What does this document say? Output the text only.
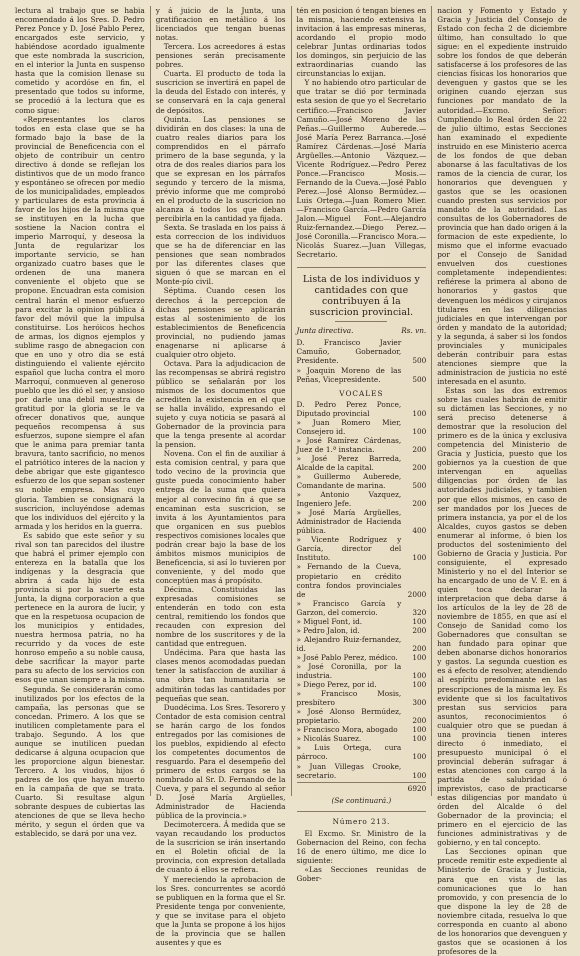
lectura al trabajo que se habia encomendado á los Sres. D. Pedro Perez Ponce y D. José Pablo Perez, encargados este servicio, y habiéndose acordado igualmente que este nombrada la suscricion, en el interior la Junta en suspenso hasta que la comision llenase su cometido y acordóse en fin, el presentado que todos su informe, se procedió á la lectura que es como sigue:

«Representantes los claros todos en esta clase que se ha formado bajo la base de la provincial de Beneficencia con el objeto de contribuir un centro directivo á donde se reflejan los distintivos que de un modo franco y espontáneo se ofrecen por medio de los municipalidades, empleados y particulares de esta provincia á favor de los hijos de la misma que se instituyen en la lucha que sostiene la Nacion contra el imperio Marroquí, y deseosa la Junta de regularizar los importante servicio, se han organizado cuatro bases que le ordenen de una manera conveniente el objeto que se propone. Encuadran esta comision central harán el menor esfuerzo para excitar la opinion pública á favor del móvil que la impulsa constituirse. Los heróicos hechos de armas, los dignos ejemplos y sublime rasgo de abnegacion con que en uno y otro dia se está distinguiendo el valiente ejército español que lucha contra el moro Marroquí, conmueven al generoso pueblo que les dió el ser, y ansioso por darle una debil muestra de gratitud por la gloria se le va ofrecer donativos que, aunque pequeños recompensa á sus esfuerzos, supone siempre el afan que le anima para premiar tanta bravura, tanto sacrificio, no menos el patriótico interes de la nacion y debe abrigar que este gigantesco esfuerzo de los que sepan sostener su noble empresa. Mas cuyo gloria. Tambien se consignará la suscricion, incluyéndose ademas que los indivíduos del ejército y la armada y los heridos en la guerra.

Es sabido que este señor y su rival son tan parecidos del ilustre que habrá el primer ejemplo con entereza en la batalla que los indígenas y la desgracia que abrira á cada hijo de esta provincia si por la suerte esta Junta, la digna corporacion a que pertenece en la aurora de lucir, y que en la respetuosa ocupacion de los municipios y entidades, nuestra hermosa patria, no ha recurrido y da voces de este honroso empeño a su noble causa, debe sacrificar la mayor parte para su afecto de los servicios con esos que unan siempre a la misma.

Segunda. Se considerarán como inutilizados por los efectos de la campaña, las personas que se concedan. Primero. A los que se inutilicen completamente para el trabajo. Segundo. A los que aunque se inutilicen puedan dedicarse á alguna ocupacion que les proporcione algun bienestar. Tercero. A los viudos, hijos ó padres de los que hayan muerto en la campaña de que se trata. Cuarto. Si resultase algun sobrante despues de cubiertas las atenciones de que se lleva hecho mérito, y segun el órden que va establecido, se dará por una vez.

y á juicio de la Junta, una gratificacion en metálico á los licenciados que tengan buenas notas.

Tercera. Los acreedores á estas pensiones serán precisamente pobres.

Cuarta. El producto de toda la suscricion se invertirá en papel de la deuda del Estado con interés, y se conservará en la caja general de depósitos.

Quinta. Las pensiones se dividirán en dos clases: la una de cuatro reales diarios para los comprendidos en el párrafo primero de la base segunda, y la otra de dos reales diarios para los que se expresan en los párrafos segundo y tercero de la misma, prévio informe que me comprobó en el producto de la suscricion no alcanza á todos los que deban percibirla en la cantidad ya fijada.

Sexta. Se traslada en los paiss á esta correccion de los individuos que se ha de diferenciar en las pensiones que sean nombrados por las diferentes clases que siguen ó que se marcan en el Monte-pío civil.

Séptima. Cuando cesen los derechos á la percepcion de dichas pensiones se aplicarán estas al sostenimiento de los establecimientos de Beneficencia provincial, no pudiendo jamas enagenarse ni aplicarse á cualquier otro objeto.

Octava. Para la adjudicacion de las recompensas se abrirá registro público se señalarán por los mismos de los documentos que acrediten la existencia en el que se halla inválido, expresando el sujeto y cuya noticia se pasará al Gobernador de la provincia para que la tenga presente al acordar la pension.

Novena. Con el fin de auxiliar á esta comision central, y para que todo vecino de la provincia que guste pueda conocimiento haber entrega de la suma que quiera mejor al convecino fin á que se encaminan esta suscricion, se invita á los Ayuntamientos para que organicen en sus pueblos respectivos comisiones locales que podrán crear bajo la base de los ámbitos mismos municipios de Beneficencia, si así lo tuvieren por conveniente, y del modo que conceptúen mas á propósito.

Décima. Constituidas las expresadas comisiones se entenderán en todo con esta central, remitiendo los fondos que recauden con expresion del nombre de los suscritores y de la cantidad que entreguen.

Undécima. Para que hasta las clases menos acomodadas puedan tener la satisfaccion de auxiliar á una obra tan humanitaria se admitirán todas las cantidades por pequeñas que sean.

Duodécima. Los Sres. Tesorero y Contador de esta comision central se harán cargo de los fondos entregados por las comisiones de los pueblos, expidiendo al efecto los competentes documentos de resguardo. Para el desempeño del primero de estos cargos se ha nombrado al Sr. D. Fernando de la Cueva, y para el segundo al señor D. José María Argüelles, Administrador de Hacienda pública de la provincia.»

Decimotercera. Á medida que se vayan recaudando los productos de la suscricion se irán insertando en el Boletin oficial de la provincia, con expresion detallada de cuanto á ellos se refiera.

Y mereciendo la aprobacion de los Sres. concurrentes se acordó se publiquen en la forma que el Sr. Presidente tenga por conveniente, y que se invitase para el objeto que la Junta se propone á los hijos de la provincia que se hallen ausentes y que es

tén en posicion ó tengan bienes en la misma, haciendo extensiva la invitacion á las empresas mineras, acordando el propio modo celebrar Juntas ordinarias todos los domingos, sin perjuicio de las extraordinarias cuando las circunstancias lo exijan.

Y no habiendo otro particular de que tratar se dió por terminada esta sesion de que yo el Secretario certifico.—Francisco Javier Camuño.—José Moreno de las Peñas.—Guillermo Auberede.—José María Perez Barranca.—José Ramírez Cárdenas.—José María Argüelles.—Antonio Vázquez.—Vicente Rodríguez.—Pedro Perez Ponce.—Francisco Mosis.—Fernando de la Cueva.—José Pablo Perez.—José Alonso Bermúdez.—Luis Ortega.—Juan Romero Mier.—Francisco García.—Pedro García Jalon.—Miguel Font.—Alejandro Ruiz-fernandez.—Diego Perez.—José Coronilla.—Francisco Mora.—Nicolás Suarez.—Juan Villegas, Secretario.

Lista de los individuos y cantidades con que contribuyen á la suscricion provincial.
Junta directiva.	Rs. vn.
D. Francisco Javier Camuño, Gobernador, Presidente.	500
» Joaquin Moreno de las Peñas, Vicepresidente.	500
VOCALES
D. Pedro Perez Ponce, Diputado provincial	100
» Juan Romero Mier, Consejero id.	100
» José Ramírez Cárdenas, Juez de 1.ª instancia.	200
» José Perez Barreda, Alcalde de la capital.	200
» Guillermo Auberede, Comandante de marina.	500
» Antonio Vazquez, Ingeniero Jefe.	200
» José María Argüelles, Administrador de Hacienda pública.	400
» Vicente Rodríguez y García, director del Instituto.	100
» Fernando de la Cueva, propietario en crédito contra fondos provinciales de	2000
» Francisco García y Garzon, del comercio.	320
» Miguel Font, id.	100
» Pedro Jalon, id.	200
» Alejandro Ruiz-fernandez, id.	200
» José Pablo Perez, médico.	100
» José Coronilla, por la industria.	100
» Diego Perez, por id.	100
» Francisco Mosis, presbítero	300
» José Alonso Bermúdez, propietario.	200
» Francisco Mora, abogado	100
» Nicolás Suarez.	100
» Luis Ortega, cura párroco.	100
» Juan Villegas Crooke, secretario.	100
6920
(Se continuará.)
Número 213.

El Excmo. Sr. Ministro de la Gobernacion del Reino, con fecha 16 de enero último, me dice lo siguiente:

«Las Secciones reunidas de Gober-

nacion y Fomento y Estado y Gracia y Justicia del Consejo de Estado con fecha 2 de diciembre último, han consultado lo que sigue: en el expediente instruido sobre los fondos de que deberán satisfacerse á los profesores de las ciencias físicas los honorarios que devenguen y gastos que se les originen cuando ejerzan sus funciones por mandato de la autoridad.—Excmo. Señor: Cumpliendo lo Real órden de 22 de julio último, estas Secciones han examinado el expediente instruido en ese Ministerio acerca de los fondos de que deban abonarse á las facultativas de los ramos de la ciencia de curar, los honorarios que devenguen y gastos que se les ocasionen cuando presten sus servicios por mandato de la autoridad. Las consultas de los Gobernadores de provincia que han dado origen á la formacion de este expediente, lo mismo que el informe evacuado por el Consejo de Sanidad envuelven dos cuestiones completamente independientes: refiérese la primera al abono de honorarios y gastos que devenguen los médicos y cirujanos titulares en las diligencias judiciales en que intervengan por órden y mandato de la autoridad; y la segunda, á saber si los fondos provinciales y municipales deberán contribuir para estas atenciones siempre que la administracion de justicia no esté interesada en el asunto.

Estas son las dos extremos sobre las cuales habrán de emitir su dictámen las Secciones, y no será preciso detenerse á demostrar que la resolucion del primero es de la única y exclusiva competencia del Ministerio de Gracia y Justicia, puesto que los gobiernos ya la cuestion de que intervengan en aquellas diligencias por órden de las autoridades judiciales, y tambien por que ellos mismos, en caso de ser mandados por los Jueces de primera instancia, ya por el de los Alcaldes, cuyos gastos se deben enumerar al informe, ó bien los productos del sostenimiento del Gobierno de Gracia y Justicia. Por consiguiente, el expresado Ministerio y no el del Interior se ha encargado de uno de V. E. en á quien toca declarar la interpretacion que deba darse á los artículos de la ley de 28 de noviembre de 1855, en que así el Consejo de Sanidad como los Gobernadores que consultan se han fundado para opinar que deben abonarse dichos honorarios y gastos. La segunda cuestion es es á efecto de resolver, atendiendo al espíritu predominante en las prescripciones de la misma ley. Es evidente que si los facultativos prestan sus servicios para asuntos, reconocimientos ó cualquier otro que se puedan á una provincia tienen interes directo ó inmediato, el presupuesto municipal ó el provincial deberán sufragar á estas atenciones con cargo á la partida de salubridad ó imprevistos, caso de practicarse estas diligencias por mandato ú órden del Alcalde ó del Gobernador de la provincia; el primero en el ejercicio de las funciones administrativas y de gobierno, y en tal concepto.

Las Secciones opinan que procede remitir este expediente al Ministerio de Gracia y Justicia, para que en vista de las comunicaciones que lo han promovido, y con presencia de lo que dispone la ley de 28 de noviembre citada, resuelva lo que corresponda en cuanto al abono de los honorarios que devenguen y gastos que se ocasionen á los profesores de la
